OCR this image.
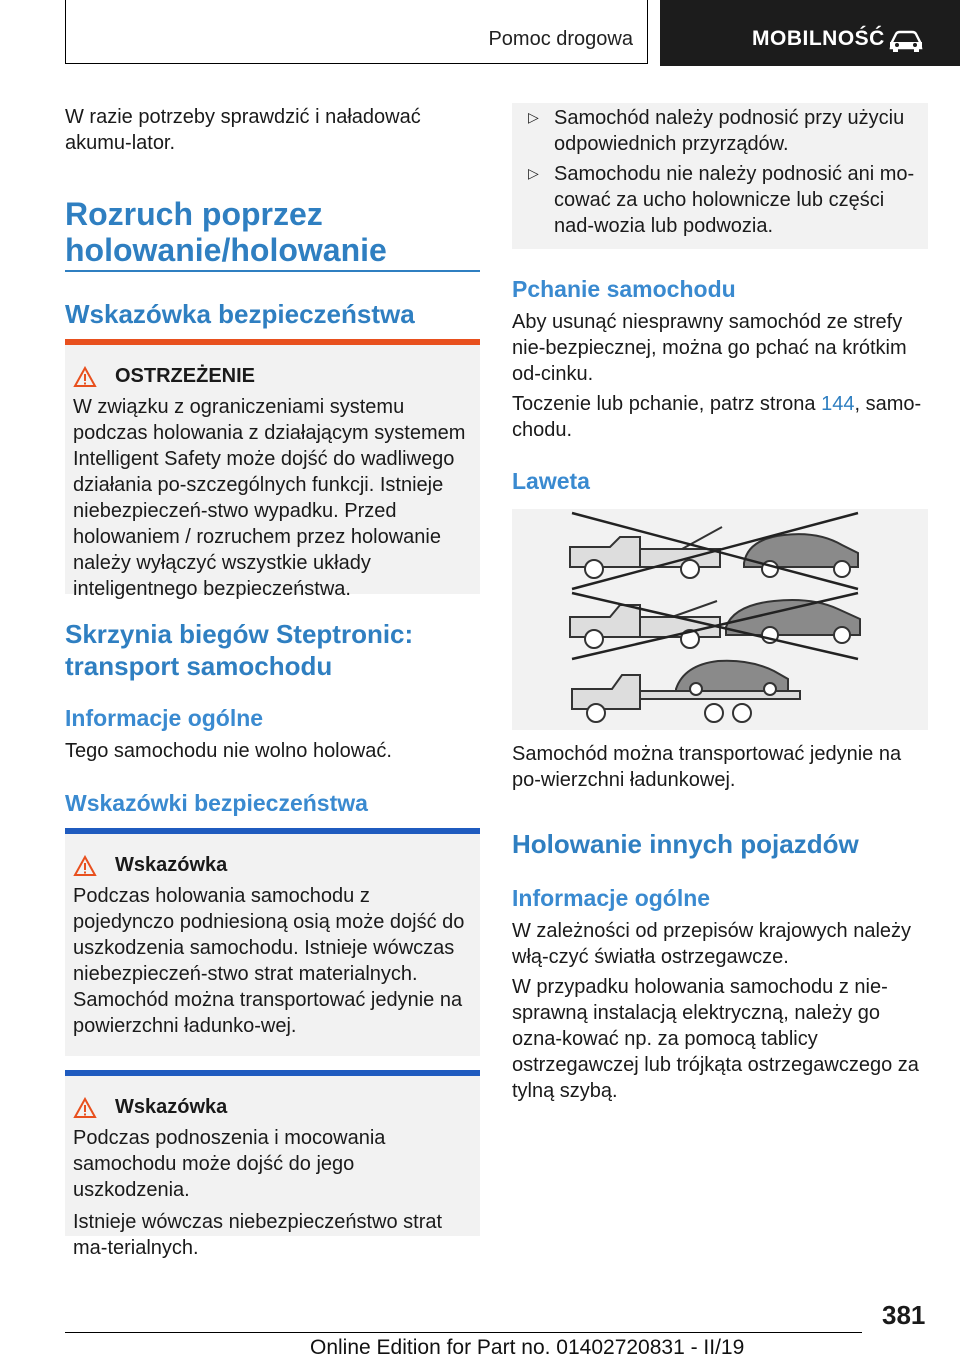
Pomoc drogowa	MOBILNOŚĆ

W razie potrzeby sprawdzić i naładować akumu-lator.

Rozruch poprzez holowanie/holowanie
Wskazówka bezpieczeństwa
OSTRZEŻENIE

W związku z ograniczeniami systemu podczas holowania z działającym systemem Intelligent Safety może dojść do wadliwego działania po-szczególnych funkcji. Istnieje niebezpieczeń-stwo wypadku. Przed holowaniem / rozruchem przez holowanie należy wyłączyć wszystkie układy inteligentnego bezpieczeństwa.

Skrzynia biegów Steptronic: transport samochodu
Informacje ogólne

Tego samochodu nie wolno holować.

Wskazówki bezpieczeństwa
Wskazówka

Podczas holowania samochodu z pojedynczo podniesioną osią może dojść do uszkodzenia samochodu. Istnieje wówczas niebezpieczeń-stwo strat materialnych. Samochód można transportować jedynie na powierzchni ładunko-wej.

Wskazówka

Podczas podnoszenia i mocowania samochodu może dojść do jego uszkodzenia.

Istnieje wówczas niebezpieczeństwo strat ma-terialnych.

▷ Samochód należy podnosić przy użyciu odpowiednich przyrządów.

▷ Samochodu nie należy podnosić ani mo-cować za ucho holownicze lub części nad-wozia lub podwozia.

Pchanie samochodu

Aby usunąć niesprawny samochód ze strefy nie-bezpiecznej, można go pchać na krótkim od-cinku.

Toczenie lub pchanie, patrz strona 144, samo-chodu.

Laweta

Samochód można transportować jedynie na po-wierzchni ładunkowej.

Holowanie innych pojazdów
Informacje ogólne

W zależności od przepisów krajowych należy włą-czyć światła ostrzegawcze.

W przypadku holowania samochodu z nie-sprawną instalacją elektryczną, należy go ozna-kować np. za pomocą tablicy ostrzegawczej lub trójkąta ostrzegawczego za tylną szybą.

381
Online Edition for Part no. 01402720831 - II/19
